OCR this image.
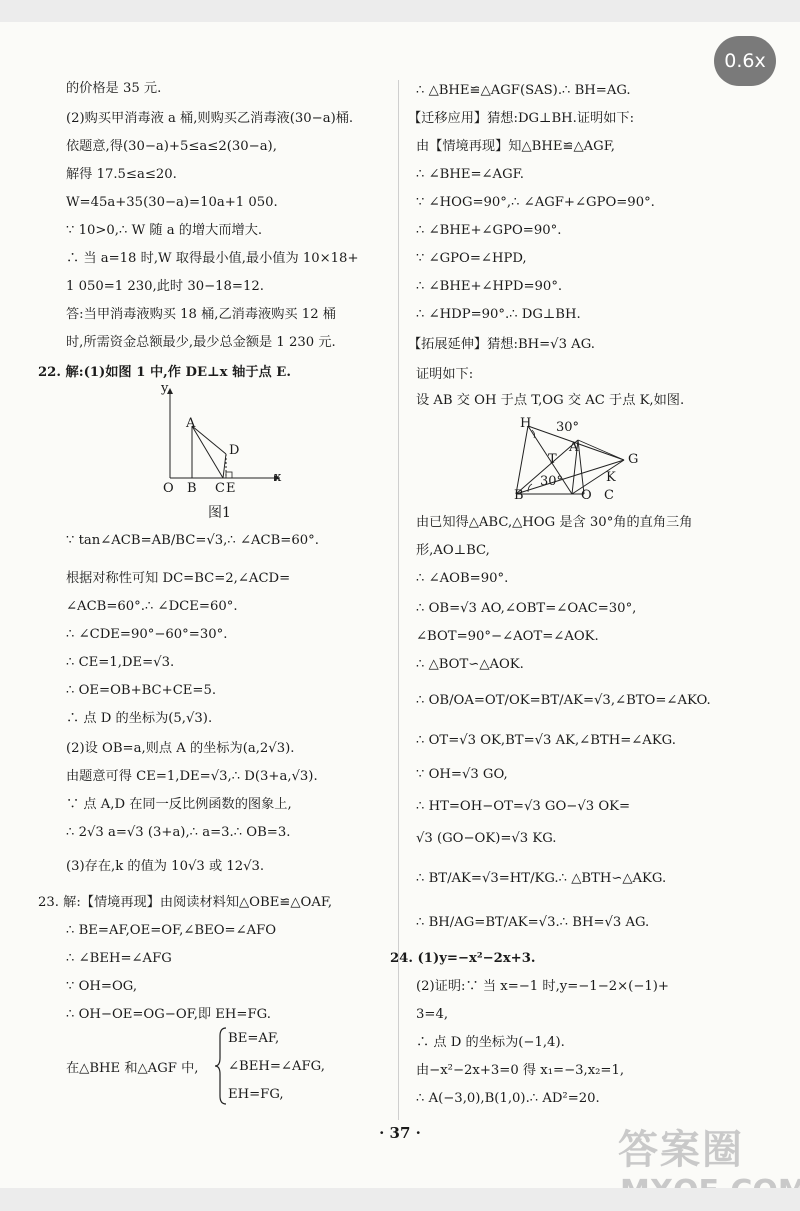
0.6x
的价格是 35 元.
(2)购买甲消毒液 a 桶,则购买乙消毒液(30−a)桶.
依题意,得(30−a)+5≤a≤2(30−a),
解得 17.5≤a≤20.
W=45a+35(30−a)=10a+1 050.
∵ 10>0,∴ W 随 a 的增大而增大.
∴ 当 a=18 时,W 取得最小值,最小值为 10×18+
1 050=1 230,此时 30−18=12.
答:当甲消毒液购买 18 桶,乙消毒液购买 12 桶
时,所需资金总额最少,最少总金额是 1 230 元.
22. 解:(1)如图 1 中,作 DE⊥x 轴于点 E.
y
A
D
O B C E
x
图1
∵ tan∠ACB=AB/BC=√3,∴ ∠ACB=60°.
根据对称性可知 DC=BC=2,∠ACD=
∠ACB=60°.∴ ∠DCE=60°.
∴ ∠CDE=90°−60°=30°.
∴ CE=1,DE=√3.
∴ OE=OB+BC+CE=5.
∴ 点 D 的坐标为(5,√3).
(2)设 OB=a,则点 A 的坐标为(a,2√3).
由题意可得 CE=1,DE=√3,∴ D(3+a,√3).
∵ 点 A,D 在同一反比例函数的图象上,
∴ 2√3 a=√3 (3+a),∴ a=3.∴ OB=3.
(3)存在,k 的值为 10√3 或 12√3.
23. 解:【情境再现】由阅读材料知△OBE≌△OAF,
∴ BE=AF,OE=OF,∠BEO=∠AFO
∴ ∠BEH=∠AFG
∵ OH=OG,
∴ OH−OE=OG−OF,即 EH=FG.
在△BHE 和△AGF 中,
BE=AF,
∠BEH=∠AFG,
EH=FG,
∴ △BHE≌△AGF(SAS).∴ BH=AG.
【迁移应用】猜想:DG⊥BH.证明如下:
由【情境再现】知△BHE≌△AGF,
∴ ∠BHE=∠AGF.
∵ ∠HOG=90°,∴ ∠AGF+∠GPO=90°.
∴ ∠BHE+∠GPO=90°.
∵ ∠GPO=∠HPD,
∴ ∠BHE+∠HPD=90°.
∴ ∠HDP=90°.∴ DG⊥BH.
【拓展延伸】猜想:BH=√3 AG.
证明如下:
设 AB 交 OH 于点 T,OG 交 AC 于点 K,如图.
H 30°
A
T	G
K
30°
B	O C
由已知得△ABC,△HOG 是含 30°角的直角三角
形,AO⊥BC,
∴ ∠AOB=90°.
∴ OB=√3 AO,∠OBT=∠OAC=30°,
∠BOT=90°−∠AOT=∠AOK.
∴ △BOT∽△AOK.
∴ OB/OA=OT/OK=BT/AK=√3,∠BTO=∠AKO.
∴ OT=√3 OK,BT=√3 AK,∠BTH=∠AKG.
∵ OH=√3 GO,
∴ HT=OH−OT=√3 GO−√3 OK=
√3 (GO−OK)=√3 KG.
∴ BT/AK=√3=HT/KG.∴ △BTH∽△AKG.
∴ BH/AG=BT/AK=√3.∴ BH=√3 AG.
24. (1)y=−x²−2x+3.
(2)证明:∵ 当 x=−1 时,y=−1−2×(−1)+
3=4,
∴ 点 D 的坐标为(−1,4).
由−x²−2x+3=0 得 x₁=−3,x₂=1,
∴ A(−3,0),B(1,0).∴ AD²=20.
· 37 ·	答案圈
